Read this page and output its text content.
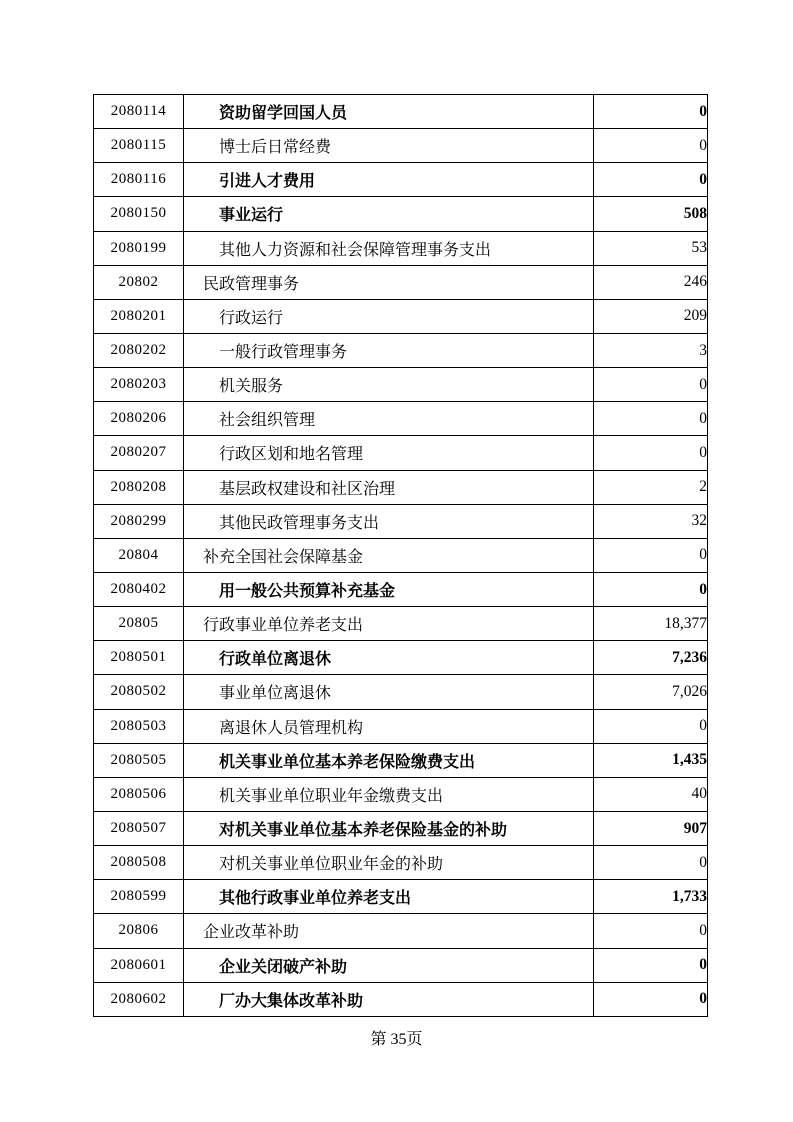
2080114	资助留学回国人员	0
2080115	博士后日常经费	0
2080116	引进人才费用	0
2080150	事业运行	508
2080199	其他人力资源和社会保障管理事务支出	53
20802	民政管理事务	246
2080201	行政运行	209
2080202	一般行政管理事务	3
2080203	机关服务	0
2080206	社会组织管理	0
2080207	行政区划和地名管理	0
2080208	基层政权建设和社区治理	2
2080299	其他民政管理事务支出	32
20804	补充全国社会保障基金	0
2080402	用一般公共预算补充基金	0
20805	行政事业单位养老支出	18,377
2080501	行政单位离退休	7,236
2080502	事业单位离退休	7,026
2080503	离退休人员管理机构	0
2080505	机关事业单位基本养老保险缴费支出	1,435
2080506	机关事业单位职业年金缴费支出	40
2080507	对机关事业单位基本养老保险基金的补助	907
2080508	对机关事业单位职业年金的补助	0
2080599	其他行政事业单位养老支出	1,733
20806	企业改革补助	0
2080601	企业关闭破产补助	0
2080602	厂办大集体改革补助	0
第 35页
